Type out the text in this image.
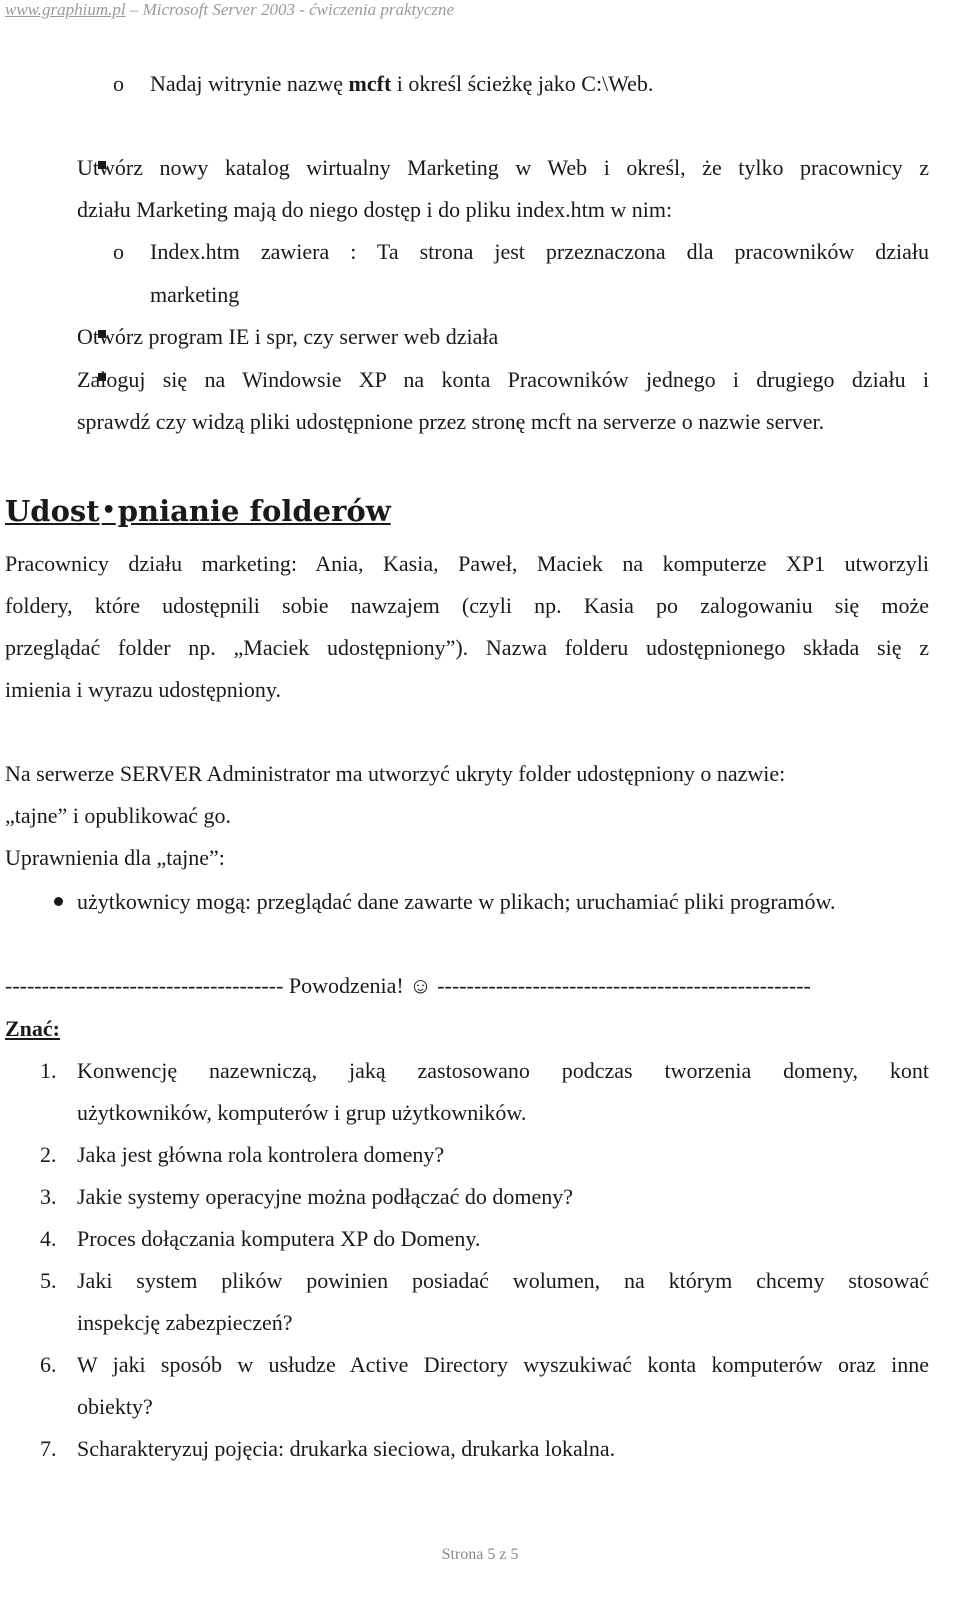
www.graphium.pl – Microsoft Server 2003 - ćwiczenia praktyczne
o Nadaj witrynie nazwę mcft i określ ścieżkę jako C:\Web.
Utwórz nowy katalog wirtualny Marketing w Web i określ, że tylko pracownicy z
działu Marketing mają do niego dostęp i do pliku index.htm w nim:
o Index.htm zawiera : Ta strona jest przeznaczona dla pracowników działu
marketing
Otwórz program IE i spr, czy serwer web działa
Zaloguj się na Windowsie XP na konta Pracowników jednego i drugiego działu i
sprawdź czy widzą pliki udostępnione przez stronę mcft na serverze o nazwie server.
Udost•pnianie folderów
Pracownicy działu marketing: Ania, Kasia, Paweł, Maciek na komputerze XP1 utworzyli
foldery, które udostępnili sobie nawzajem (czyli np. Kasia po zalogowaniu się może
przeglądać folder np. „Maciek udostępniony”). Nazwa folderu udostępnionego składa się z
imienia i wyrazu udostępniony.
Na serwerze SERVER Administrator ma utworzyć ukryty folder udostępniony o nazwie:
„tajne” i opublikować go.
Uprawnienia dla „tajne”:
użytkownicy mogą: przeglądać dane zawarte w plikach; uruchamiać pliki programów.
-------------------------------------- Powodzenia! ☺ ---------------------------------------------------
Znać:
1. Konwencję nazewniczą, jaką zastosowano podczas tworzenia domeny, kont
użytkowników, komputerów i grup użytkowników.
2. Jaka jest główna rola kontrolera domeny?
3. Jakie systemy operacyjne można podłączać do domeny?
4. Proces dołączania komputera XP do Domeny.
5. Jaki system plików powinien posiadać wolumen, na którym chcemy stosować
inspekcję zabezpieczeń?
6. W jaki sposób w usłudze Active Directory wyszukiwać konta komputerów oraz inne
obiekty?
7. Scharakteryzuj pojęcia: drukarka sieciowa, drukarka lokalna.
Strona 5 z 5
